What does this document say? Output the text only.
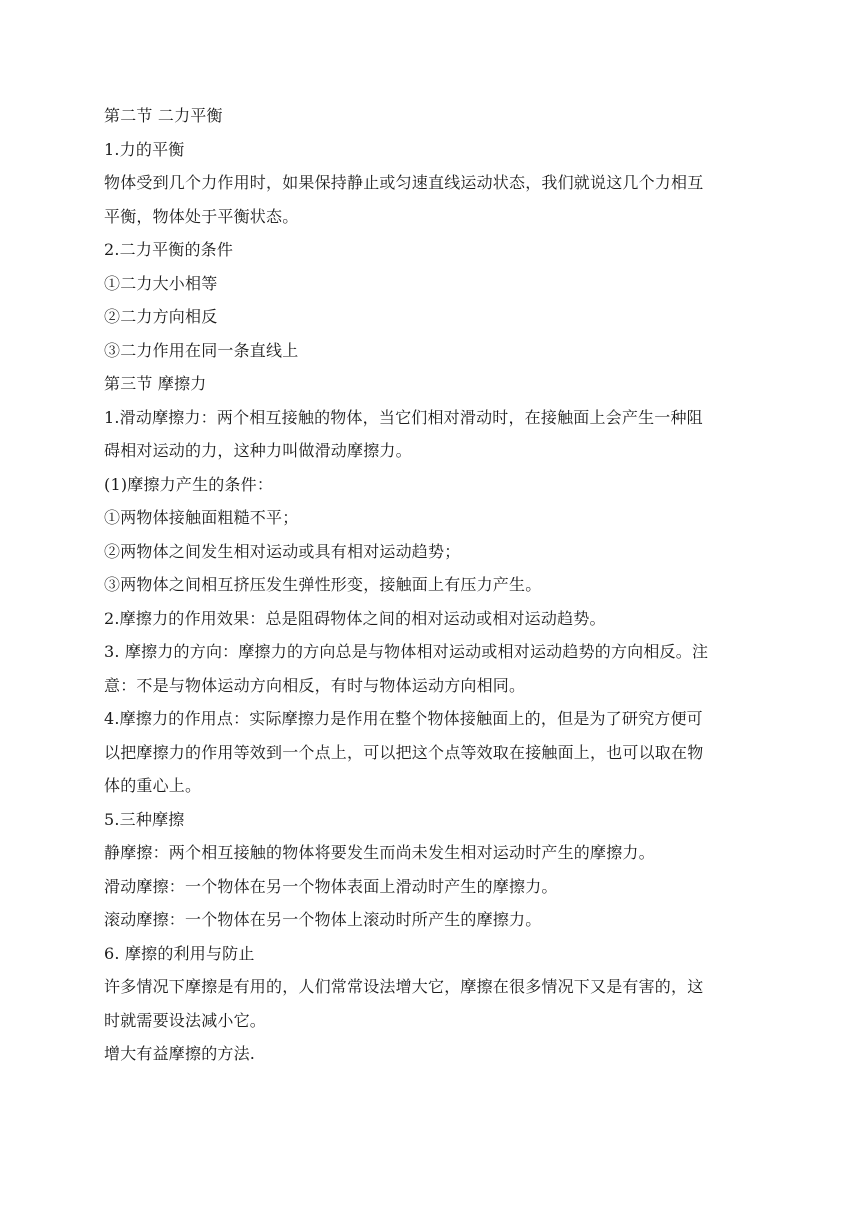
第二节 二力平衡
1.力的平衡
物体受到几个力作用时，如果保持静止或匀速直线运动状态，我们就说这几个力相互
平衡，物体处于平衡状态。
2.二力平衡的条件
①二力大小相等
②二力方向相反
③二力作用在同一条直线上
第三节 摩擦力
1.滑动摩擦力：两个相互接触的物体，当它们相对滑动时，在接触面上会产生一种阻
碍相对运动的力，这种力叫做滑动摩擦力。
(1)摩擦力产生的条件：
①两物体接触面粗糙不平；
②两物体之间发生相对运动或具有相对运动趋势；
③两物体之间相互挤压发生弹性形变，接触面上有压力产生。
2.摩擦力的作用效果：总是阻碍物体之间的相对运动或相对运动趋势。
3. 摩擦力的方向：摩擦力的方向总是与物体相对运动或相对运动趋势的方向相反。注
意：不是与物体运动方向相反，有时与物体运动方向相同。
4.摩擦力的作用点：实际摩擦力是作用在整个物体接触面上的，但是为了研究方便可
以把摩擦力的作用等效到一个点上，可以把这个点等效取在接触面上，也可以取在物
体的重心上。
5.三种摩擦
静摩擦：两个相互接触的物体将要发生而尚未发生相对运动时产生的摩擦力。
滑动摩擦：一个物体在另一个物体表面上滑动时产生的摩擦力。
滚动摩擦：一个物体在另一个物体上滚动时所产生的摩擦力。
6. 摩擦的利用与防止
许多情况下摩擦是有用的，人们常常设法增大它，摩擦在很多情况下又是有害的，这
时就需要设法减小它。
增大有益摩擦的方法.
